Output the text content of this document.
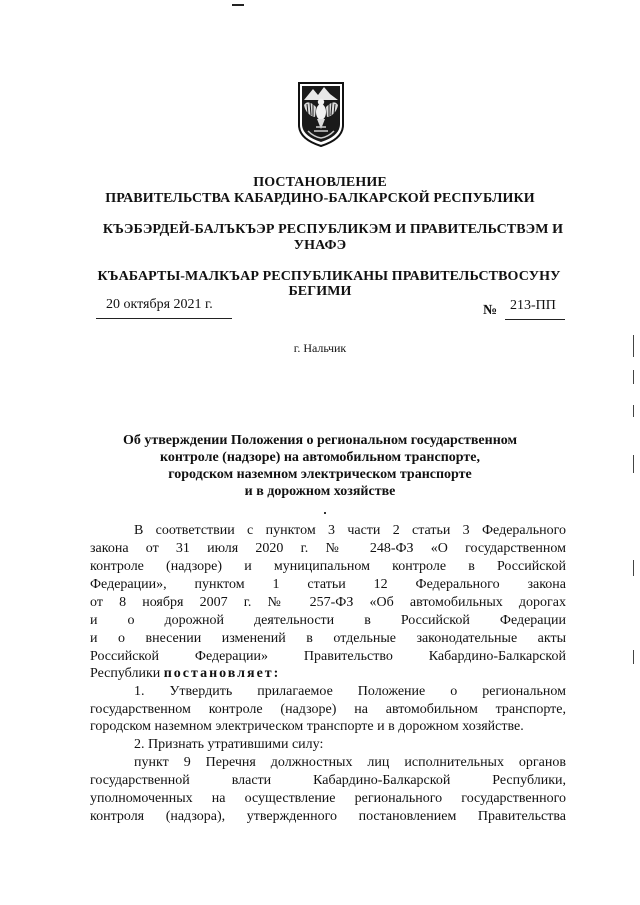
ПОСТАНОВЛЕНИЕ
ПРАВИТЕЛЬСТВА КАБАРДИНО-БАЛКАРСКОЙ РЕСПУБЛИКИ
КЪЭБЭРДЕЙ-БАЛЪКЪЭР РЕСПУБЛИКЭМ И ПРАВИТЕЛЬСТВЭМ И
УНАФЭ
КЪАБАРТЫ-МАЛКЪАР РЕСПУБЛИКАНЫ ПРАВИТЕЛЬСТВОСУНУ
БЕГИМИ
20 октября 2021 г.	№ 213-ПП
г. Нальчик
Об утверждении Положения о региональном государственном
контроле (надзоре) на автомобильном транспорте,
городском наземном электрическом транспорте
и в дорожном хозяйстве
В соответствии с пунктом 3 части 2 статьи 3 Федерального
закона от 31 июля 2020 г. № 248-ФЗ «О государственном
контроле (надзоре) и муниципальном контроле в Российской
Федерации», пунктом 1 статьи 12 Федерального закона
от 8 ноября 2007 г. № 257-ФЗ «Об автомобильных дорогах
и о дорожной деятельности в Российской Федерации
и о внесении изменений в отдельные законодательные акты
Российской Федерации» Правительство Кабардино-Балкарской
Республики постановляет:
1. Утвердить прилагаемое Положение о региональном
государственном контроле (надзоре) на автомобильном транспорте,
городском наземном электрическом транспорте и в дорожном хозяйстве.
2. Признать утратившими силу:
пункт 9 Перечня должностных лиц исполнительных органов
государственной власти Кабардино-Балкарской Республики,
уполномоченных на осуществление регионального государственного
контроля (надзора), утвержденного постановлением Правительства
